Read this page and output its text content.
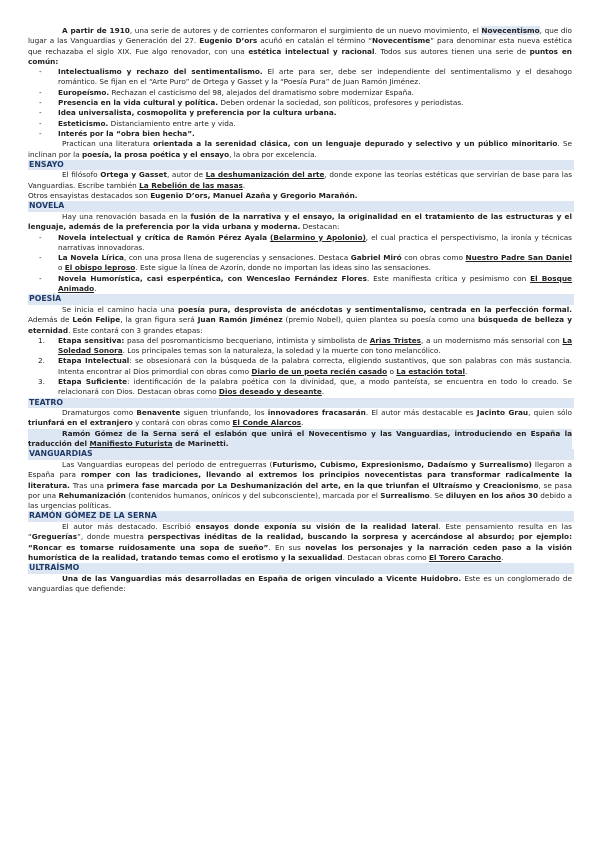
A partir de 1910, una serie de autores y de corrientes conformaron el surgimiento de un nuevo movimiento, el Novecentismo, que dio lugar a las Vanguardias y Generación del 27. Eugenio D’ors acuñó en catalán el término “Novecentisme” para denominar esta nueva estética que rechazaba el siglo XIX. Fue algo renovador, con una estética intelectual y racional. Todos sus autores tienen una serie de puntos en común:

- Intelectualismo y rechazo del sentimentalismo. El arte para ser, debe ser independiente del sentimentalismo y el desahogo romántico. Se fijan en el “Arte Puro” de Ortega y Gasset y la “Poesía Pura” de Juan Ramón Jiménez.
- Europeísmo. Rechazan el casticismo del 98, alejados del dramatismo sobre modernizar España.
- Presencia en la vida cultural y política. Deben ordenar la sociedad, son políticos, profesores y periodistas.
- Idea universalista, cosmopolita y preferencia por la cultura urbana.
- Esteticismo. Distanciamiento entre arte y vida.
- Interés por la “obra bien hecha”.

Practican una literatura orientada a la serenidad clásica, con un lenguaje depurado y selectivo y un público minoritario. Se inclinan por la poesía, la prosa poética y el ensayo, la obra por excelencia.

ENSAYO

El filósofo Ortega y Gasset, autor de La deshumanización del arte, donde expone las teorías estéticas que servirían de base para las Vanguardias. Escribe también La Rebelión de las masas.

Otros ensayistas destacados son Eugenio D’ors, Manuel Azaña y Gregorio Marañón.

NOVELA

Hay una renovación basada en la fusión de la narrativa y el ensayo, la originalidad en el tratamiento de las estructuras y el lenguaje, además de la preferencia por la vida urbana y moderna. Destacan:

- Novela intelectual y crítica de Ramón Pérez Ayala (Belarmino y Apolonio), el cual practica el perspectivismo, la ironía y técnicas narrativas innovadoras.
- La Novela Lírica, con una prosa llena de sugerencias y sensaciones. Destaca Gabriel Miró con obras como Nuestro Padre San Daniel o El obispo leproso. Este sigue la línea de Azorín, donde no importan las ideas sino las sensaciones.
- Novela Humorística, casi esperpéntica, con Wenceslao Fernández Flores. Este manifiesta crítica y pesimismo con El Bosque Animado.
POESÍA

Se inicia el camino hacia una poesía pura, desprovista de anécdotas y sentimentalismo, centrada en la perfección formal. Además de León Felipe, la gran figura será Juan Ramón Jiménez (premio Nobel), quien plantea su poesía como una búsqueda de belleza y eternidad. Este contará con 3 grandes etapas:

1. Etapa sensitiva: pasa del posromanticismo becqueriano, intimista y simbolista de Arias Tristes, a un modernismo más sensorial con La Soledad Sonora. Los principales temas son la naturaleza, la soledad y la muerte con tono melancólico.
2. Etapa Intelectual: se obsesionará con la búsqueda de la palabra correcta, eligiendo sustantivos, que son palabras con más sustancia. Intenta encontrar al Dios primordial con obras como Diario de un poeta recién casado o La estación total.
3. Etapa Suficiente: identificación de la palabra poética con la divinidad, que, a modo panteísta, se encuentra en todo lo creado. Se relacionará con Dios. Destacan obras como Dios deseado y deseante.
TEATRO

Dramaturgos como Benavente siguen triunfando, los innovadores fracasarán. El autor más destacable es Jacinto Grau, quien sólo triunfará en el extranjero y contará con obras como El Conde Alarcos.

Ramón Gómez de la Serna será el eslabón que unirá el Novecentismo y las Vanguardias, introduciendo en España la traducción del Manifiesto Futurista de Marinetti.

VANGUARDIAS

Las Vanguardias europeas del periodo de entreguerras (Futurismo, Cubismo, Expresionismo, Dadaísmo y Surrealismo) llegaron a España para romper con las tradiciones, llevando al extremos los principios novecentistas para transformar radicalmente la literatura. Tras una primera fase marcada por La Deshumanización del arte, en la que triunfan el Ultraísmo y Creacionismo, se pasa por una Rehumanización (contenidos humanos, oníricos y del subconsciente), marcada por el Surrealismo. Se diluyen en los años 30 debido a las urgencias políticas.

RAMÓN GÓMEZ DE LA SERNA

El autor más destacado. Escribió ensayos donde exponía su visión de la realidad lateral. Este pensamiento resulta en las “Greguerías”, donde muestra perspectivas inéditas de la realidad, buscando la sorpresa y acercándose al absurdo; por ejemplo: “Roncar es tomarse ruidosamente una sopa de sueño”. En sus novelas los personajes y la narración ceden paso a la visión humorística de la realidad, tratando temas como el erotismo y la sexualidad. Destacan obras como El Torero Caracho.

ULTRAÍSMO

Una de las Vanguardias más desarrolladas en España de origen vinculado a Vicente Huidobro. Este es un conglomerado de vanguardias que defiende:
